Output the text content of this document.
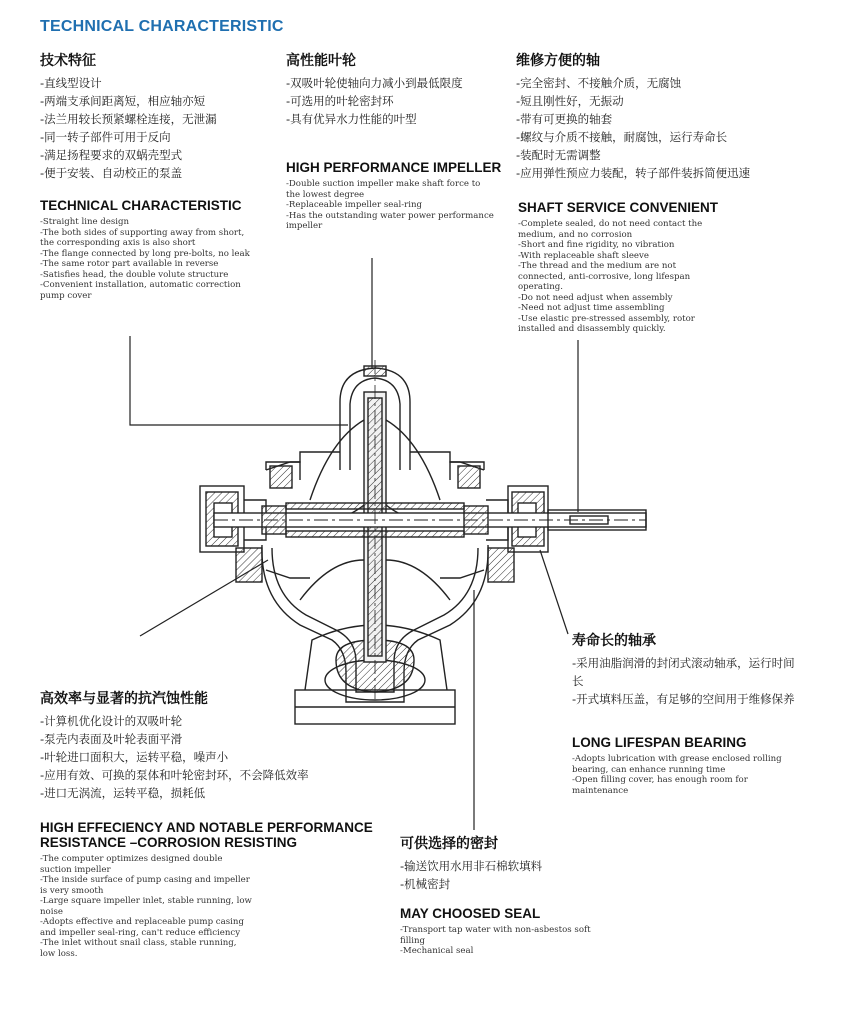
TECHNICAL CHARACTERISTIC
技术特征
-直线型设计
-两端支承间距离短，相应轴亦短
-法兰用较长预紧螺栓连接，无泄漏
-同一转子部件可用于反向
-满足扬程要求的双蜗壳型式
-便于安装、自动校正的泵盖
TECHNICAL CHARACTERISTIC
-Straight line design
-The both sides of supporting away from short, the corresponding axis is also short
-The flange connected by long pre-bolts, no leak
-The same rotor part available in reverse
-Satisfies head, the double volute structure
-Convenient installation, automatic correction pump cover
高性能叶轮
-双吸叶轮使轴向力减小到最低限度
-可选用的叶轮密封环
-具有优异水力性能的叶型
HIGH PERFORMANCE IMPELLER
-Double suction impeller make shaft force to the lowest degree
-Replaceable impeller seal-ring
-Has the outstanding water power performance impeller
维修方便的轴
-完全密封、不接触介质，无腐蚀
-短且刚性好，无振动
-带有可更换的轴套
-螺纹与介质不接触，耐腐蚀，运行寿命长
-装配时无需调整
-应用弹性预应力装配，转子部件装拆简便迅速
SHAFT SERVICE CONVENIENT
-Complete sealed, do not need contact the medium, and no corrosion
-Short and fine rigidity, no vibration
-With replaceable shaft sleeve
-The thread and the medium are not connected, anti-corrosive, long lifespan operating.
-Do not need adjust when assembly
-Need not adjust time assembling
-Use elastic pre-stressed assembly, rotor installed and disassembly quickly.
寿命长的轴承
-采用油脂润滑的封闭式滚动轴承，运行时间长
-开式填料压盖，有足够的空间用于维修保养
LONG LIFESPAN BEARING
-Adopts lubrication with grease enclosed rolling bearing, can enhance running time
-Open filling cover, has enough room for maintenance
高效率与显著的抗汽蚀性能
-计算机优化设计的双吸叶轮
-泵壳内表面及叶轮表面平滑
-叶轮进口面积大，运转平稳，噪声小
-应用有效、可换的泵体和叶轮密封环，不会降低效率
-进口无涡流，运转平稳，损耗低
HIGH EFFECIENCY AND NOTABLE PERFORMANCE
RESISTANCE –CORROSION RESISTING
-The computer optimizes designed double suction impeller
-The inside surface of pump casing and impeller is very smooth
-Large square impeller inlet, stable running, low noise
-Adopts effective and replaceable pump casing and impeller seal-ring, can't reduce efficiency
-The inlet without snail class, stable running, low loss.
可供选择的密封
-输送饮用水用非石棉软填料
-机械密封
MAY CHOOSED SEAL
-Transport tap water with non-asbestos soft filling
-Mechanical seal
